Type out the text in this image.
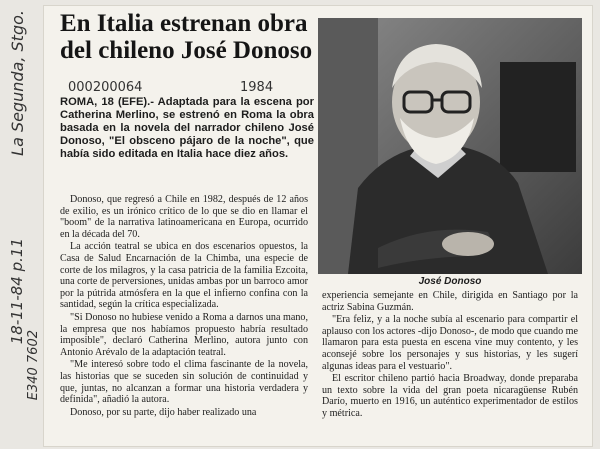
La Segunda, Stgo.
18-11-84 p.11
E340 7602
En Italia estrenan obra
del chileno José Donoso
000200064	1984

ROMA, 18 (EFE).- Adaptada para la escena por Catherina Merlino, se estrenó en Roma la obra basada en la novela del narrador chileno José Donoso, "El obsceno pájaro de la noche", que había sido editada en Italia hace diez años.

Donoso, que regresó a Chile en 1982, después de 12 años de exilio, es un irónico crítico de lo que se dio en llamar el "boom" de la narrativa latinoamericana en Europa, ocurrido en la década del 70.

La acción teatral se ubica en dos escenarios opuestos, la Casa de Salud Encarnación de la Chimba, una especie de corte de los milagros, y la casa patricia de la familia Ezcoita, una corte de perversiones, unidas ambas por un barroco amor por la pútrida atmósfera en la que el infierno confina con la santidad, según la crítica especializada.

"Si Donoso no hubiese venido a Roma a darnos una mano, la empresa que nos habíamos propuesto habría resultado imposible", declaró Catherina Merlino, autora junto con Antonio Arévalo de la adaptación teatral.

"Me interesó sobre todo el clima fascinante de la novela, las historias que se suceden sin solución de continuidad y que, juntas, no alcanzan a formar una historia verdadera y definida", añadió la autora.

Donoso, por su parte, dijo haber realizado una

José Donoso

experiencia semejante en Chile, dirigida en Santiago por la actriz Sabina Guzmán.

"Era feliz, y a la noche subía al escenario para compartir el aplauso con los actores -dijo Donoso-, de modo que cuando me llamaron para esta puesta en escena vine muy contento, y les aconsejé sobre los personajes y sus historias, y les sugerí algunas ideas para el vestuario".

El escritor chileno partió hacia Broadway, donde preparaba un texto sobre la vida del gran poeta nicaragüense Rubén Darío, muerto en 1916, un auténtico experimentador de estilos y métrica.
